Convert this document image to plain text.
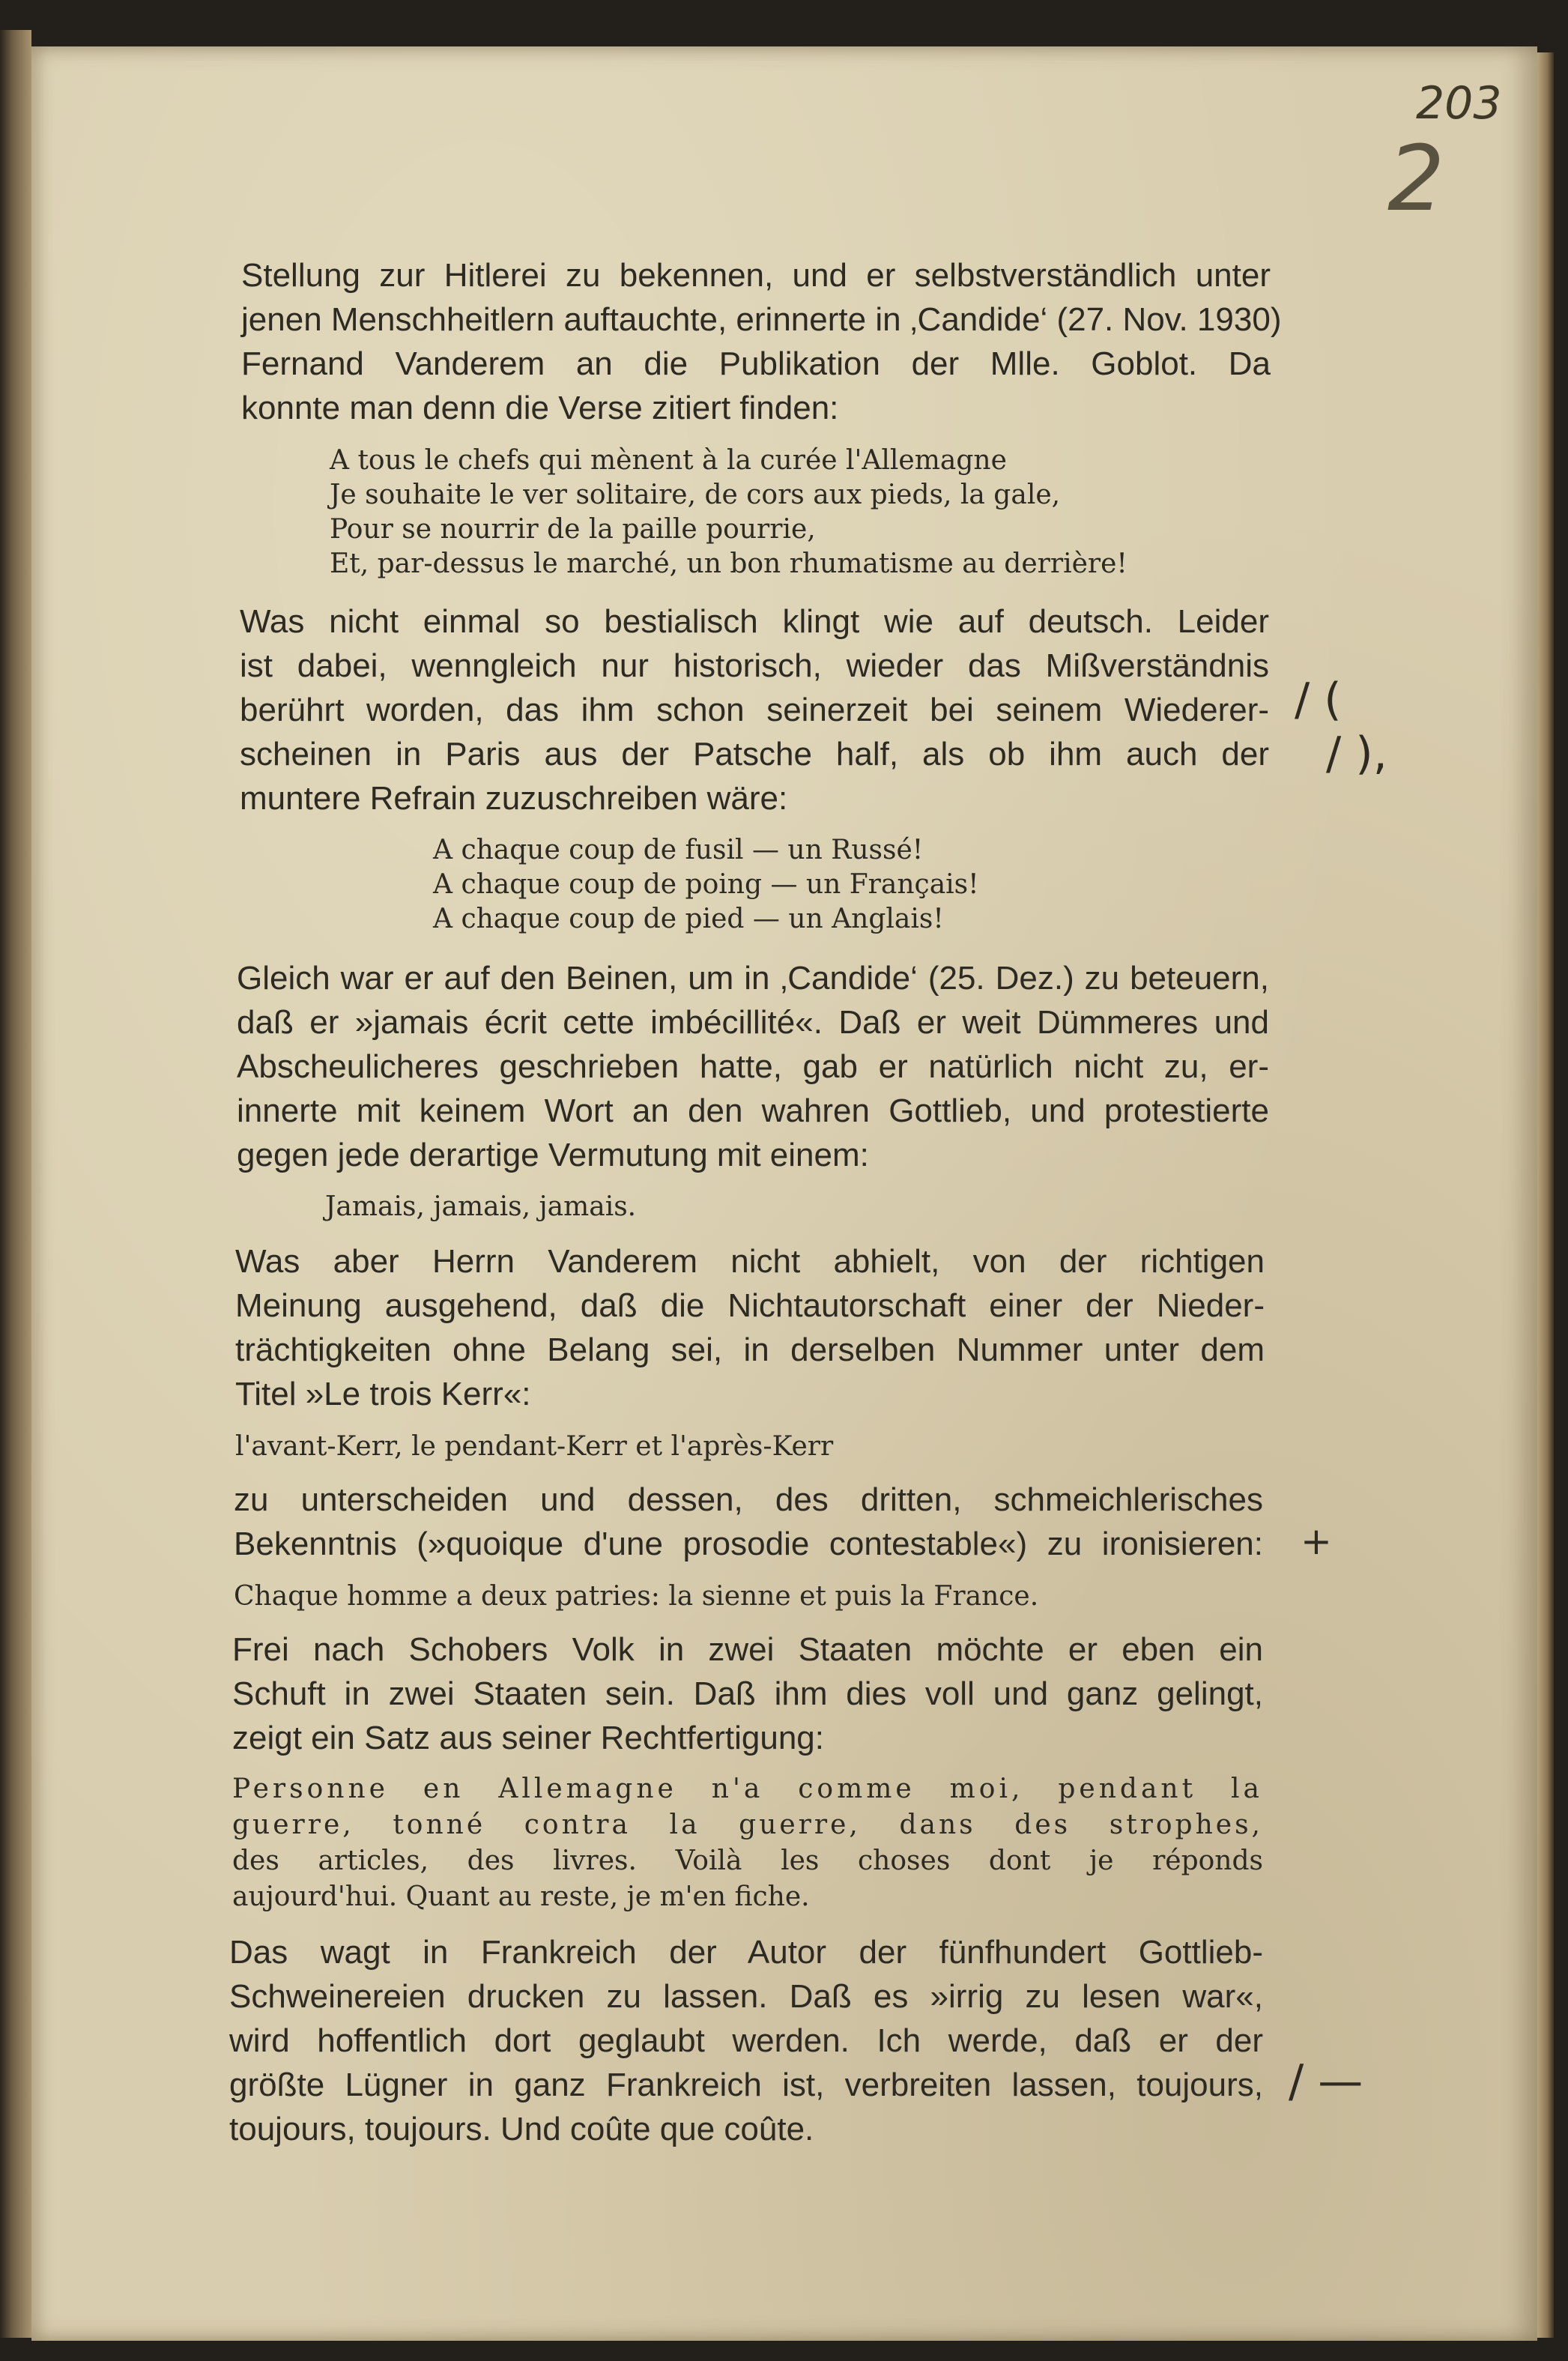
203
2
Stellung zur Hitlerei zu bekennen, und er selbstverständlich unter
jenen Menschheitlern auftauchte, erinnerte in ‚Candide‘ (27. Nov. 1930)
Fernand Vanderem an die Publikation der Mlle. Goblot. Da
konnte man denn die Verse zitiert finden:
A tous le chefs qui mènent à la curée l'Allemagne
Je souhaite le ver solitaire, de cors aux pieds, la gale,
Pour se nourrir de la paille pourrie,
Et, par-dessus le marché, un bon rhumatisme au derrière!
Was nicht einmal so bestialisch klingt wie auf deutsch. Leider
ist dabei, wenngleich nur historisch, wieder das Mißverständnis
berührt worden, das ihm schon seinerzeit bei seinem Wiederer-
scheinen in Paris aus der Patsche half, als ob ihm auch der
muntere Refrain zuzuschreiben wäre:
A chaque coup de fusil — un Russé!
A chaque coup de poing — un Français!
A chaque coup de pied — un Anglais!
Gleich war er auf den Beinen, um in ‚Candide‘ (25. Dez.) zu beteuern,
daß er »jamais écrit cette imbécillité«. Daß er weit Dümmeres und
Abscheulicheres geschrieben hatte, gab er natürlich nicht zu, er-
innerte mit keinem Wort an den wahren Gottlieb, und protestierte
gegen jede derartige Vermutung mit einem:
Jamais, jamais, jamais.
Was aber Herrn Vanderem nicht abhielt, von der richtigen
Meinung ausgehend, daß die Nichtautorschaft einer der Nieder-
trächtigkeiten ohne Belang sei, in derselben Nummer unter dem
Titel »Le trois Kerr«:
l'avant-Kerr, le pendant-Kerr et l'après-Kerr
zu unterscheiden und dessen, des dritten, schmeichlerisches
Bekenntnis (»quoique d'une prosodie contestable«) zu ironisieren:
Chaque homme a deux patries: la sienne et puis la France.
Frei nach Schobers Volk in zwei Staaten möchte er eben ein
Schuft in zwei Staaten sein. Daß ihm dies voll und ganz gelingt,
zeigt ein Satz aus seiner Rechtfertigung:
Personne en Allemagne n'a comme moi, pendant la
guerre, tonné contra la guerre, dans des strophes,
des articles, des livres. Voilà les choses dont je réponds
aujourd'hui. Quant au reste, je m'en fiche.
Das wagt in Frankreich der Autor der fünfhundert Gottlieb-
Schweinereien drucken zu lassen. Daß es »irrig zu lesen war«,
wird hoffentlich dort geglaubt werden. Ich werde, daß er der
größte Lügner in ganz Frankreich ist, verbreiten lassen, toujours,
toujours, toujours. Und coûte que coûte.
/ (
/ ),
+
/ —
